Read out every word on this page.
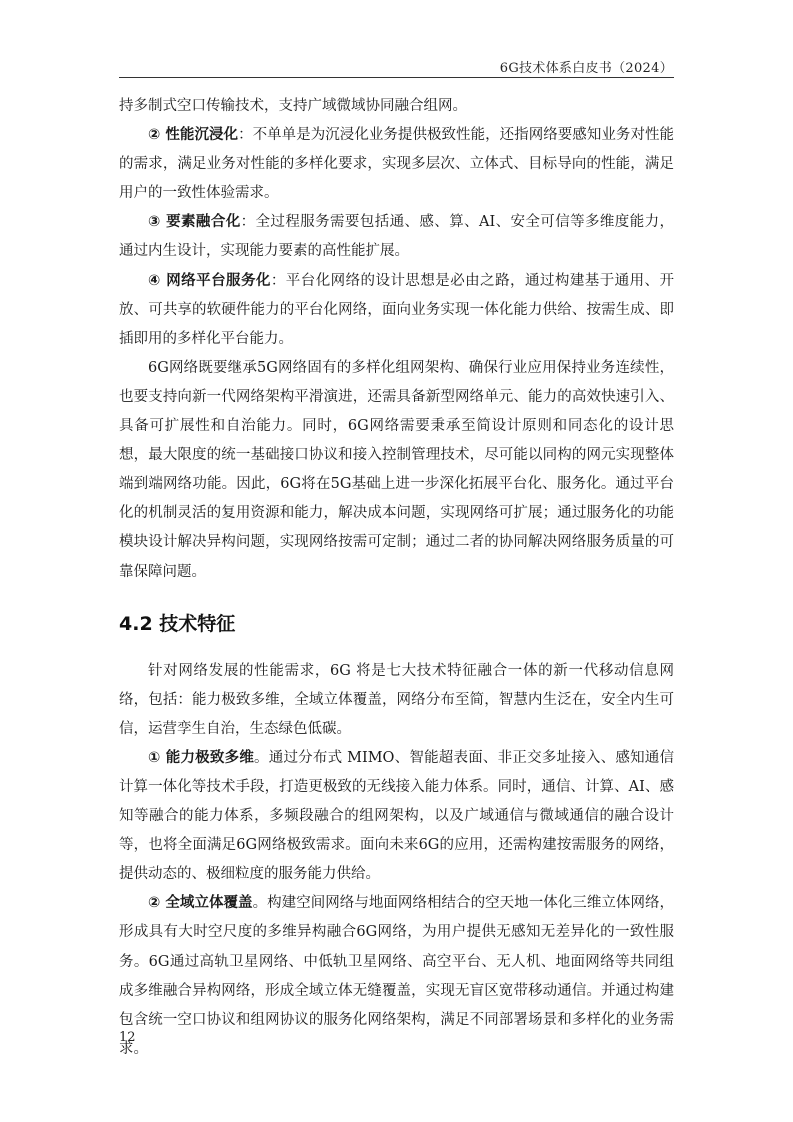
6G技术体系白皮书（2024）

持多制式空口传输技术，支持广域微域协同融合组网。

② 性能沉浸化：不单单是为沉浸化业务提供极致性能，还指网络要感知业务对性能的需求，满足业务对性能的多样化要求，实现多层次、立体式、目标导向的性能，满足用户的一致性体验需求。

③ 要素融合化：全过程服务需要包括通、感、算、AI、安全可信等多维度能力，通过内生设计，实现能力要素的高性能扩展。

④ 网络平台服务化：平台化网络的设计思想是必由之路，通过构建基于通用、开放、可共享的软硬件能力的平台化网络，面向业务实现一体化能力供给、按需生成、即插即用的多样化平台能力。

6G网络既要继承5G网络固有的多样化组网架构、确保行业应用保持业务连续性，也要支持向新一代网络架构平滑演进，还需具备新型网络单元、能力的高效快速引入、具备可扩展性和自治能力。同时，6G网络需要秉承至简设计原则和同态化的设计思想，最大限度的统一基础接口协议和接入控制管理技术，尽可能以同构的网元实现整体端到端网络功能。因此，6G将在5G基础上进一步深化拓展平台化、服务化。通过平台化的机制灵活的复用资源和能力，解决成本问题，实现网络可扩展；通过服务化的功能模块设计解决异构问题，实现网络按需可定制；通过二者的协同解决网络服务质量的可靠保障问题。

4.2 技术特征

针对网络发展的性能需求，6G 将是七大技术特征融合一体的新一代移动信息网络，包括：能力极致多维，全域立体覆盖，网络分布至简，智慧内生泛在，安全内生可信，运营孪生自治，生态绿色低碳。

① 能力极致多维。通过分布式 MIMO、智能超表面、非正交多址接入、感知通信计算一体化等技术手段，打造更极致的无线接入能力体系。同时，通信、计算、AI、感知等融合的能力体系，多频段融合的组网架构，以及广域通信与微域通信的融合设计等，也将全面满足6G网络极致需求。面向未来6G的应用，还需构建按需服务的网络，提供动态的、极细粒度的服务能力供给。

② 全域立体覆盖。构建空间网络与地面网络相结合的空天地一体化三维立体网络，形成具有大时空尺度的多维异构融合6G网络，为用户提供无感知无差异化的一致性服务。6G通过高轨卫星网络、中低轨卫星网络、高空平台、无人机、地面网络等共同组成多维融合异构网络，形成全域立体无缝覆盖，实现无盲区宽带移动通信。并通过构建包含统一空口协议和组网协议的服务化网络架构，满足不同部署场景和多样化的业务需求。

12
